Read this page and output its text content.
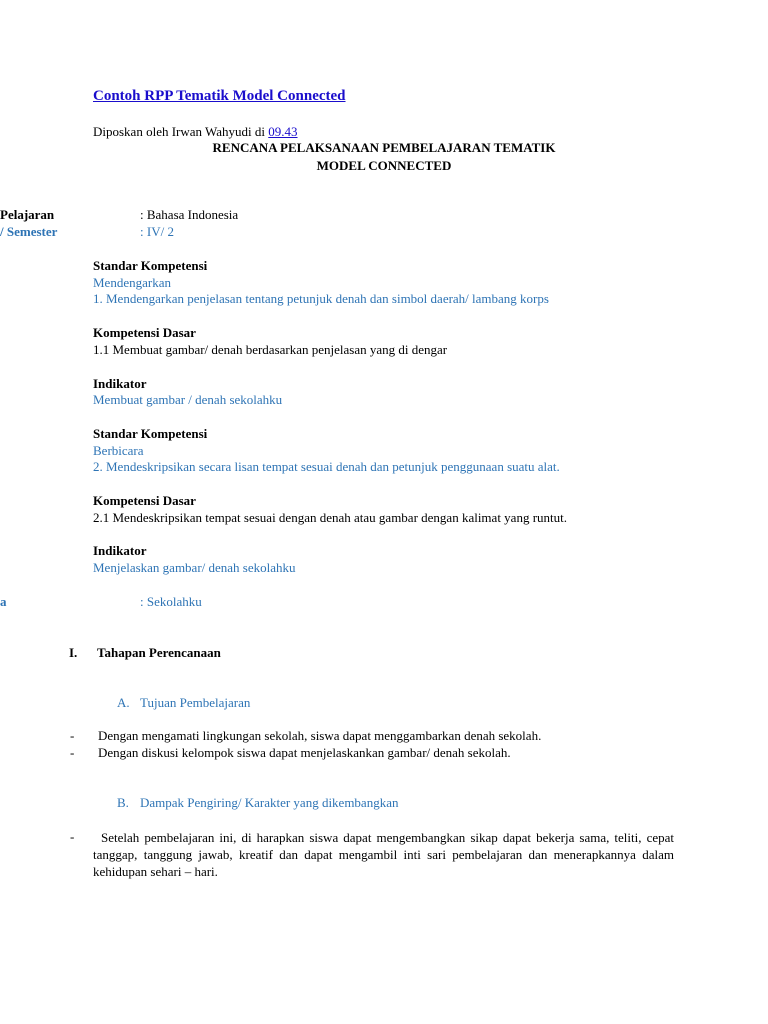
Contoh RPP Tematik Model Connected
Diposkan oleh Irwan Wahyudi di 09.43
RENCANA PELAKSANAAN PEMBELAJARAN TEMATIK
MODEL CONNECTED
Pelajaran	: Bahasa Indonesia
/ Semester	: IV/ 2
Standar Kompetensi
Mendengarkan
1. Mendengarkan penjelasan tentang petunjuk denah dan simbol daerah/ lambang korps
Kompetensi Dasar
1.1 Membuat gambar/ denah berdasarkan penjelasan yang di dengar
Indikator
Membuat gambar / denah sekolahku
Standar Kompetensi
Berbicara
2. Mendeskripsikan secara lisan tempat sesuai denah dan petunjuk penggunaan suatu alat.
Kompetensi Dasar
2.1 Mendeskripsikan tempat sesuai dengan denah atau gambar dengan kalimat yang runtut.
Indikator
Menjelaskan gambar/ denah sekolahku
a	: Sekolahku
I. Tahapan Perencanaan
A. Tujuan Pembelajaran
- Dengan mengamati lingkungan sekolah, siswa dapat menggambarkan denah sekolah.
- Dengan diskusi kelompok siswa dapat menjelaskankan gambar/ denah sekolah.
B. Dampak Pengiring/ Karakter yang dikembangkan
-	Setelah pembelajaran ini, di harapkan siswa dapat mengembangkan sikap dapat bekerja sama, teliti, cepat tanggap, tanggung jawab, kreatif dan dapat mengambil inti sari pembelajaran dan menerapkannya dalam kehidupan sehari – hari.
